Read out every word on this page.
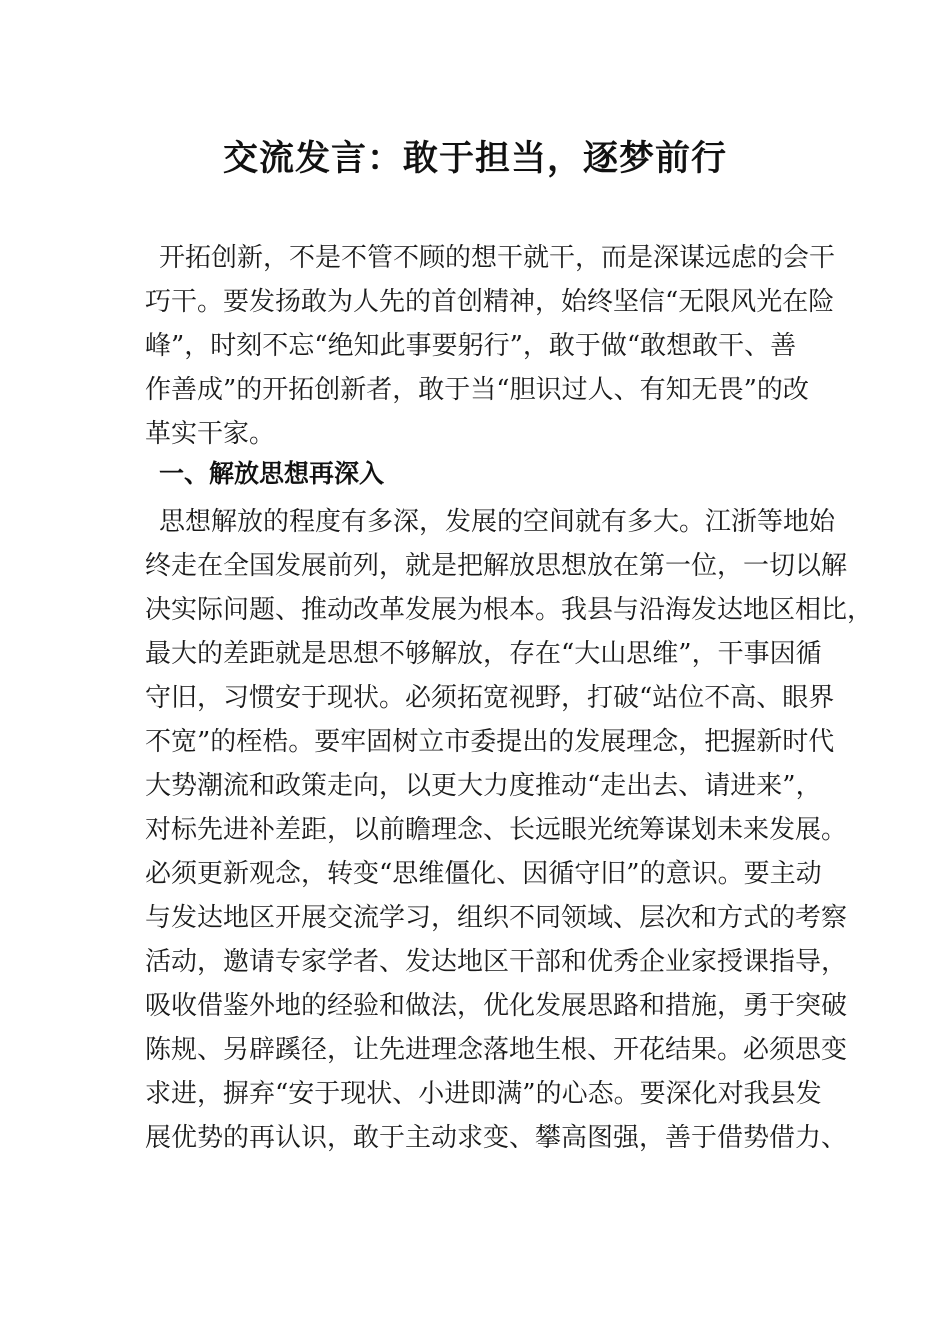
交流发言：敢于担当，逐梦前行
开拓创新，不是不管不顾的想干就干，而是深谋远虑的会干
巧干。要发扬敢为人先的首创精神，始终坚信“无限风光在险
峰”，时刻不忘“绝知此事要躬行”，敢于做“敢想敢干、善
作善成”的开拓创新者，敢于当“胆识过人、有知无畏”的改
革实干家。
一、解放思想再深入
思想解放的程度有多深，发展的空间就有多大。江浙等地始
终走在全国发展前列，就是把解放思想放在第一位，一切以解
决实际问题、推动改革发展为根本。我县与沿海发达地区相比，
最大的差距就是思想不够解放，存在“大山思维”，干事因循
守旧，习惯安于现状。必须拓宽视野，打破“站位不高、眼界
不宽”的桎梏。要牢固树立市委提出的发展理念，把握新时代
大势潮流和政策走向，以更大力度推动“走出去、请进来”，
对标先进补差距，以前瞻理念、长远眼光统筹谋划未来发展。
必须更新观念，转变“思维僵化、因循守旧”的意识。要主动
与发达地区开展交流学习，组织不同领域、层次和方式的考察
活动，邀请专家学者、发达地区干部和优秀企业家授课指导，
吸收借鉴外地的经验和做法，优化发展思路和措施，勇于突破
陈规、另辟蹊径，让先进理念落地生根、开花结果。必须思变
求进，摒弃“安于现状、小进即满”的心态。要深化对我县发
展优势的再认识，敢于主动求变、攀高图强，善于借势借力、
